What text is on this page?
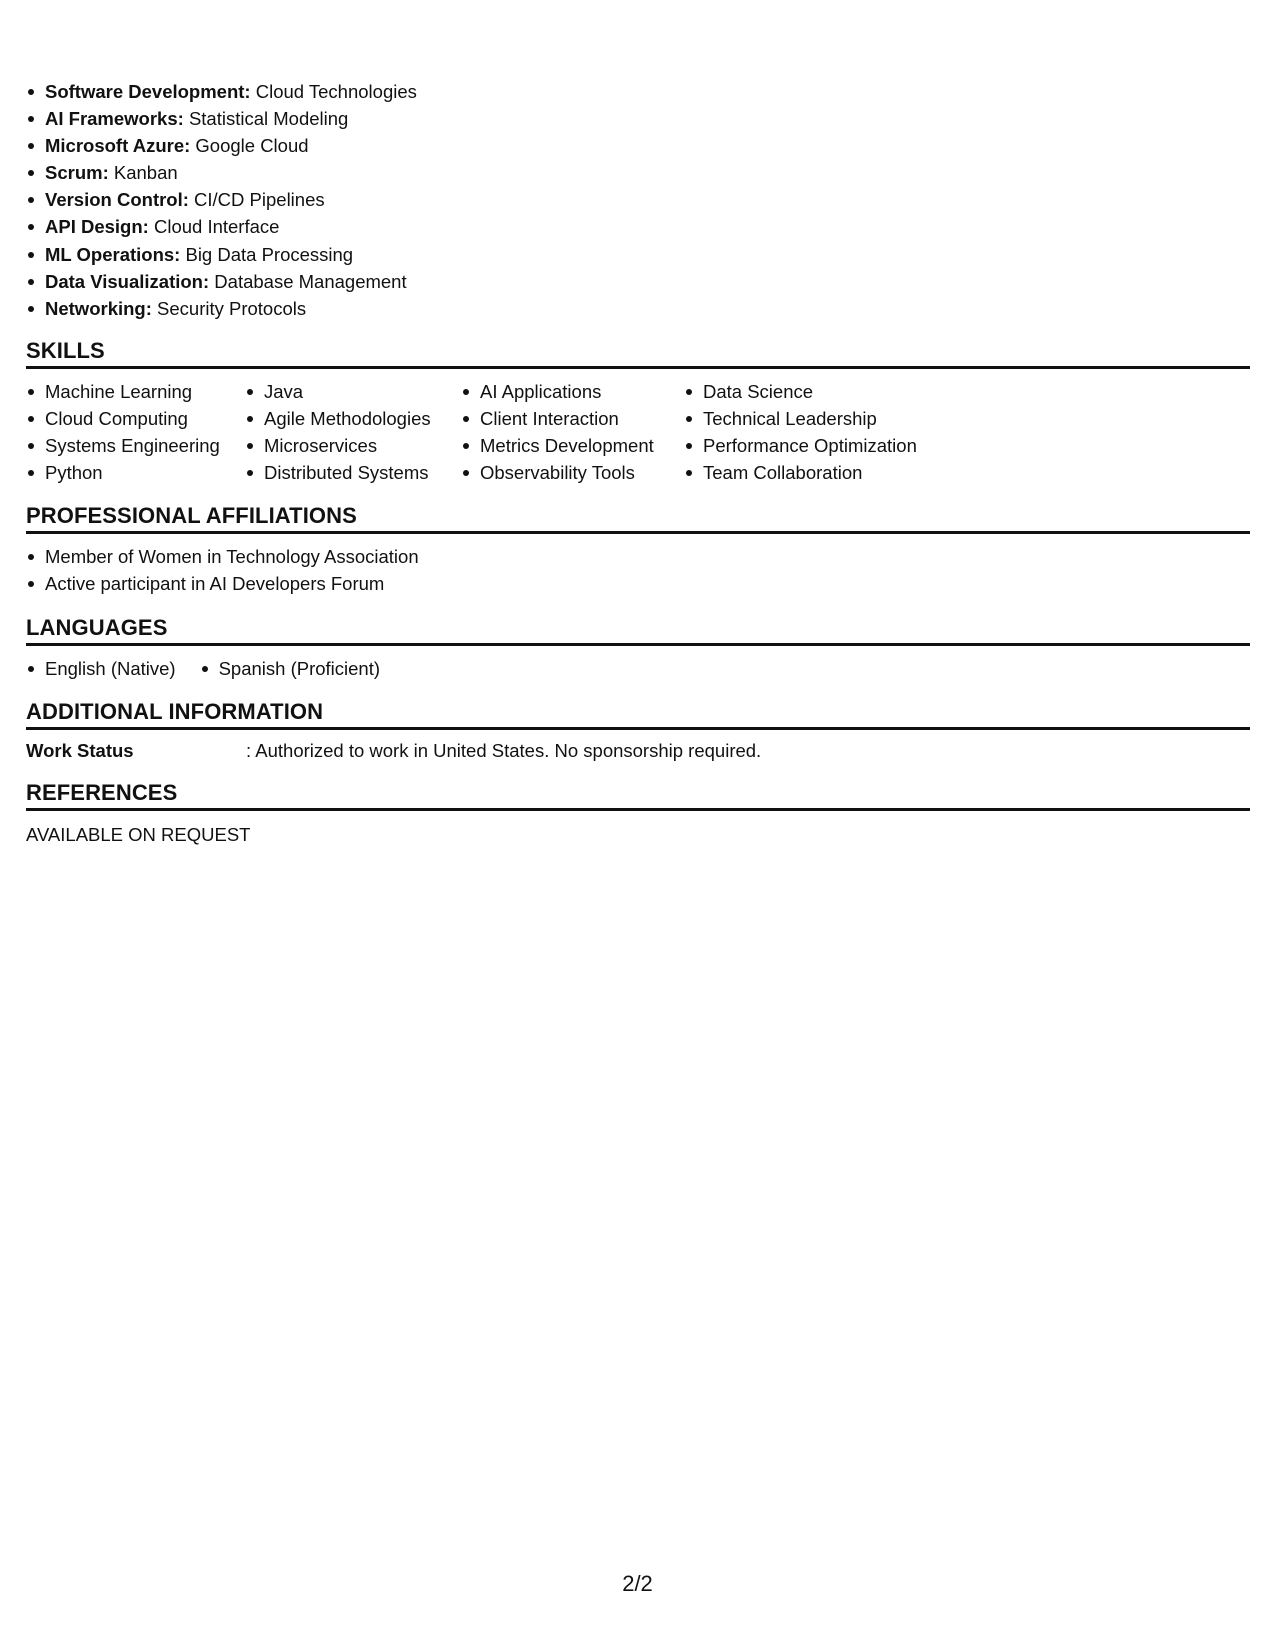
Software Development: Cloud Technologies
AI Frameworks: Statistical Modeling
Microsoft Azure: Google Cloud
Scrum: Kanban
Version Control: CI/CD Pipelines
API Design: Cloud Interface
ML Operations: Big Data Processing
Data Visualization: Database Management
Networking: Security Protocols
SKILLS
Machine Learning
Cloud Computing
Systems Engineering
Python
Java
Agile Methodologies
Microservices
Distributed Systems
AI Applications
Client Interaction
Metrics Development
Observability Tools
Data Science
Technical Leadership
Performance Optimization
Team Collaboration
PROFESSIONAL AFFILIATIONS
Member of Women in Technology Association
Active participant in AI Developers Forum
LANGUAGES
English (Native)	Spanish (Proficient)
ADDITIONAL INFORMATION
Work Status	: Authorized to work in United States. No sponsorship required.
REFERENCES
AVAILABLE ON REQUEST
2/2
